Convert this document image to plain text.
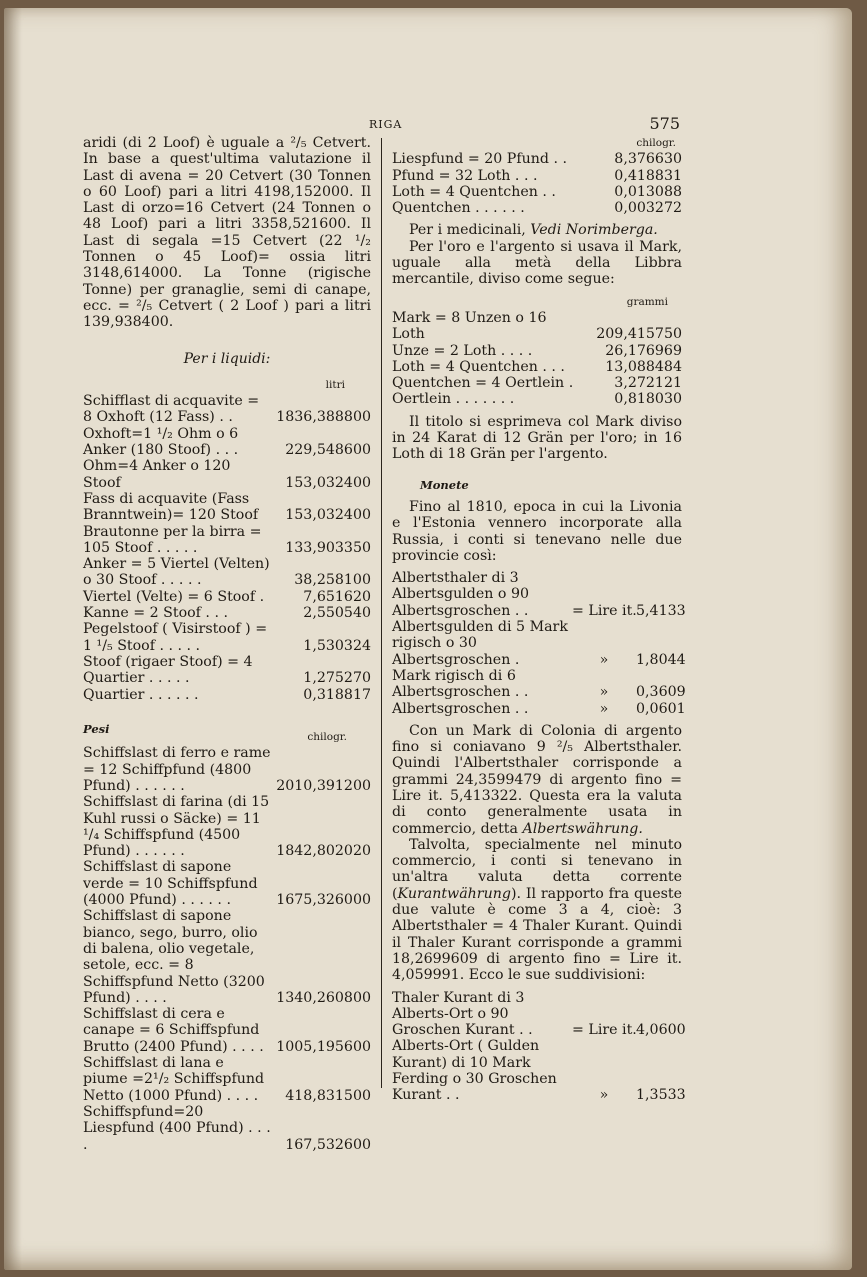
RIGA	575

aridi (di 2 Loof) è uguale a ²/₅ Cetvert. In base a quest'ultima valutazione il Last di avena = 20 Cetvert (30 Tonnen o 60 Loof) pari a litri 4198,152000. Il Last di orzo=16 Cetvert (24 Tonnen o 48 Loof) pari a litri 3358,521600. Il Last di segala =15 Cetvert (22 ¹/₂ Tonnen o 45 Loof)= ossia litri 3148,614000. La Tonne (rigische Tonne) per granaglie, semi di canape, ecc. = ²/₅ Cetvert ( 2 Loof ) pari a litri 139,938400.

Per i liquidi:
litri
Schifflast di acquavite = 8 Oxhoft (12 Fass) . .	1836,388800
Oxhoft=1 ¹/₂ Ohm o 6 Anker (180 Stoof) . . .	229,548600
Ohm=4 Anker o 120 Stoof	153,032400
Fass di acquavite (Fass Branntwein)= 120 Stoof	153,032400
Brautonne per la birra = 105 Stoof . . . . .	133,903350
Anker = 5 Viertel (Velten) o 30 Stoof . . . . .	38,258100
Viertel (Velte) = 6 Stoof .	7,651620
Kanne = 2 Stoof . . .	2,550540
Pegelstoof ( Visirstoof ) = 1 ¹/₅ Stoof . . . . .	1,530324
Stoof (rigaer Stoof) = 4 Quartier . . . . .	1,275270
Quartier . . . . . .	0,318817
Pesi
chilogr.
Schiffslast di ferro e rame = 12 Schiffpfund (4800 Pfund) . . . . . .	2010,391200
Schiffslast di farina (di 15 Kuhl russi o Säcke) = 11 ¹/₄ Schiffspfund (4500 Pfund) . . . . . .	1842,802020
Schiffslast di sapone verde = 10 Schiffspfund (4000 Pfund) . . . . . .	1675,326000
Schiffslast di sapone bianco, sego, burro, olio di balena, olio vegetale, setole, ecc. = 8 Schiffspfund Netto (3200 Pfund) . . . .	1340,260800
Schiffslast di cera e canape = 6 Schiffspfund Brutto (2400 Pfund) . . . . 1005,195600
Schiffslast di lana e piume =2¹/₂ Schiffspfund Netto (1000 Pfund) . . . .	418,831500
Schiffspfund=20 Liespfund (400 Pfund) . . . .	167,532600
chilogr.
Liespfund = 20 Pfund . .	8,376630
Pfund = 32 Loth . . .	0,418831
Loth = 4 Quentchen . .	0,013088
Quentchen . . . . . .	0,003272

Per i medicinali, Vedi Norimberga.

Per l'oro e l'argento si usava il Mark, uguale alla metà della Libbra mercantile, diviso come segue:

grammi
Mark = 8 Unzen o 16 Loth	209,415750
Unze = 2 Loth . . . .	26,176969
Loth = 4 Quentchen . . .	13,088484
Quentchen = 4 Oertlein .	3,272121
Oertlein . . . . . . .	0,818030

Il titolo si esprimeva col Mark diviso in 24 Karat di 12 Grän per l'oro; in 16 Loth di 18 Grän per l'argento.

Monete

Fino al 1810, epoca in cui la Livonia e l'Estonia vennero incorporate alla Russia, i conti si tenevano nelle due provincie così:

Albertsthaler di 3 Albertsgulden o 90 Albertsgroschen . .	= Lire it. 5,4133
Albertsgulden di 5 Mark rigisch o 30 Albertsgroschen .	»	1,8044
Mark rigisch di 6 Albertsgroschen . .	»	0,3609
Albertsgroschen . .	»	0,0601

Con un Mark di Colonia di argento fino si coniavano 9 ²/₅ Albertsthaler. Quindi l'Albertsthaler corrisponde a grammi 24,3599479 di argento fino = Lire it. 5,413322. Questa era la valuta di conto generalmente usata in commercio, detta Albertswährung.

Talvolta, specialmente nel minuto commercio, i conti si tenevano in un'altra valuta detta corrente (Kurantwährung). Il rapporto fra queste due valute è come 3 a 4, cioè: 3 Albertsthaler = 4 Thaler Kurant. Quindi il Thaler Kurant corrisponde a grammi 18,2699609 di argento fino = Lire it. 4,059991. Ecco le sue suddivisioni:

Thaler Kurant di 3 Alberts-Ort o 90 Groschen Kurant . .	= Lire it. 4,0600
Alberts-Ort ( Gulden Kurant) di 10 Mark Ferding o 30 Groschen Kurant . .	»	1,3533
